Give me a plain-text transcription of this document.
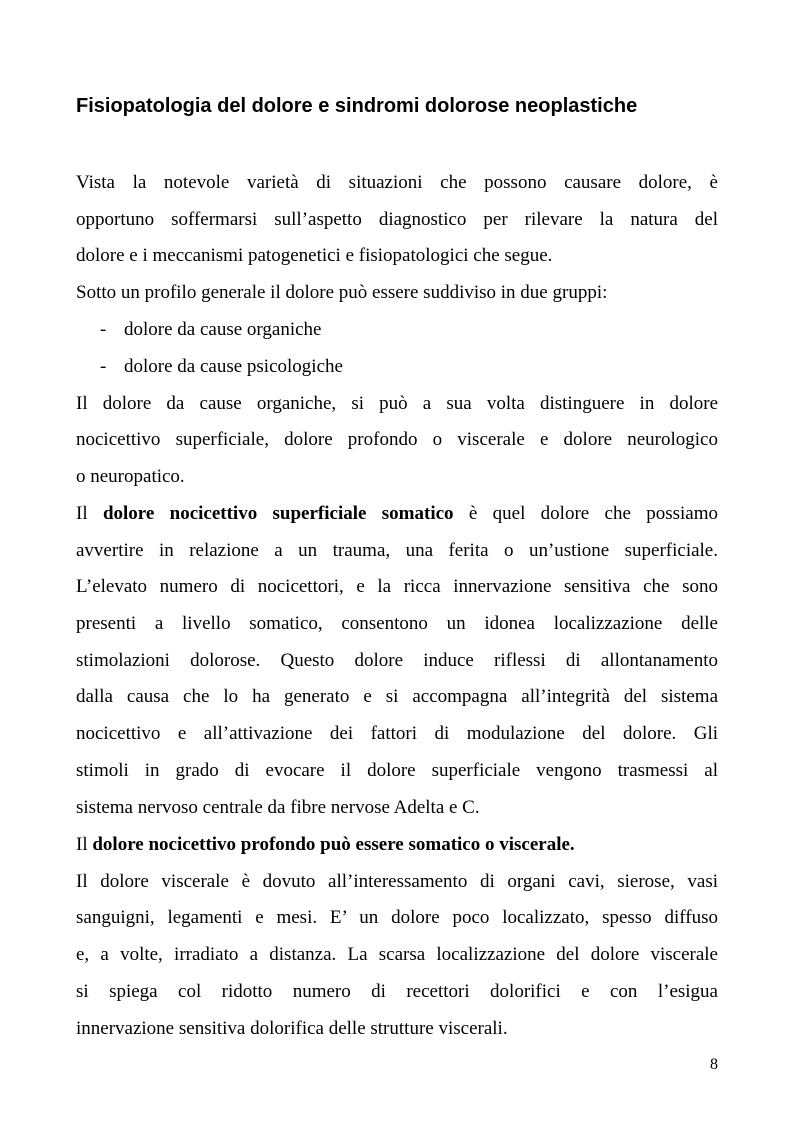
Fisiopatologia del dolore e sindromi dolorose neoplastiche
Vista la notevole varietà di situazioni che possono causare dolore, è
opportuno soffermarsi sull’aspetto diagnostico per rilevare la natura del
dolore e i meccanismi patogenetici e fisiopatologici che segue.
Sotto un profilo generale il dolore può essere suddiviso in due gruppi:
- dolore da cause organiche
- dolore da cause psicologiche
Il dolore da cause organiche, si può a sua volta distinguere in dolore
nocicettivo superficiale, dolore profondo o viscerale e dolore neurologico
o neuropatico.
Il dolore nocicettivo superficiale somatico è quel dolore che possiamo
avvertire in relazione a un trauma, una ferita o un’ustione superficiale.
L’elevato numero di nocicettori, e la ricca innervazione sensitiva che sono
presenti a livello somatico, consentono un idonea localizzazione delle
stimolazioni dolorose. Questo dolore induce riflessi di allontanamento
dalla causa che lo ha generato e si accompagna all’integrità del sistema
nocicettivo e all’attivazione dei fattori di modulazione del dolore. Gli
stimoli in grado di evocare il dolore superficiale vengono trasmessi al
sistema nervoso centrale da fibre nervose Adelta e C.
Il dolore nocicettivo profondo può essere somatico o viscerale.
Il dolore viscerale è dovuto all’interessamento di organi cavi, sierose, vasi
sanguigni, legamenti e mesi. E’ un dolore poco localizzato, spesso diffuso
e, a volte, irradiato a distanza. La scarsa localizzazione del dolore viscerale
si spiega col ridotto numero di recettori dolorifici e con l’esigua
innervazione sensitiva dolorifica delle strutture viscerali.
8
